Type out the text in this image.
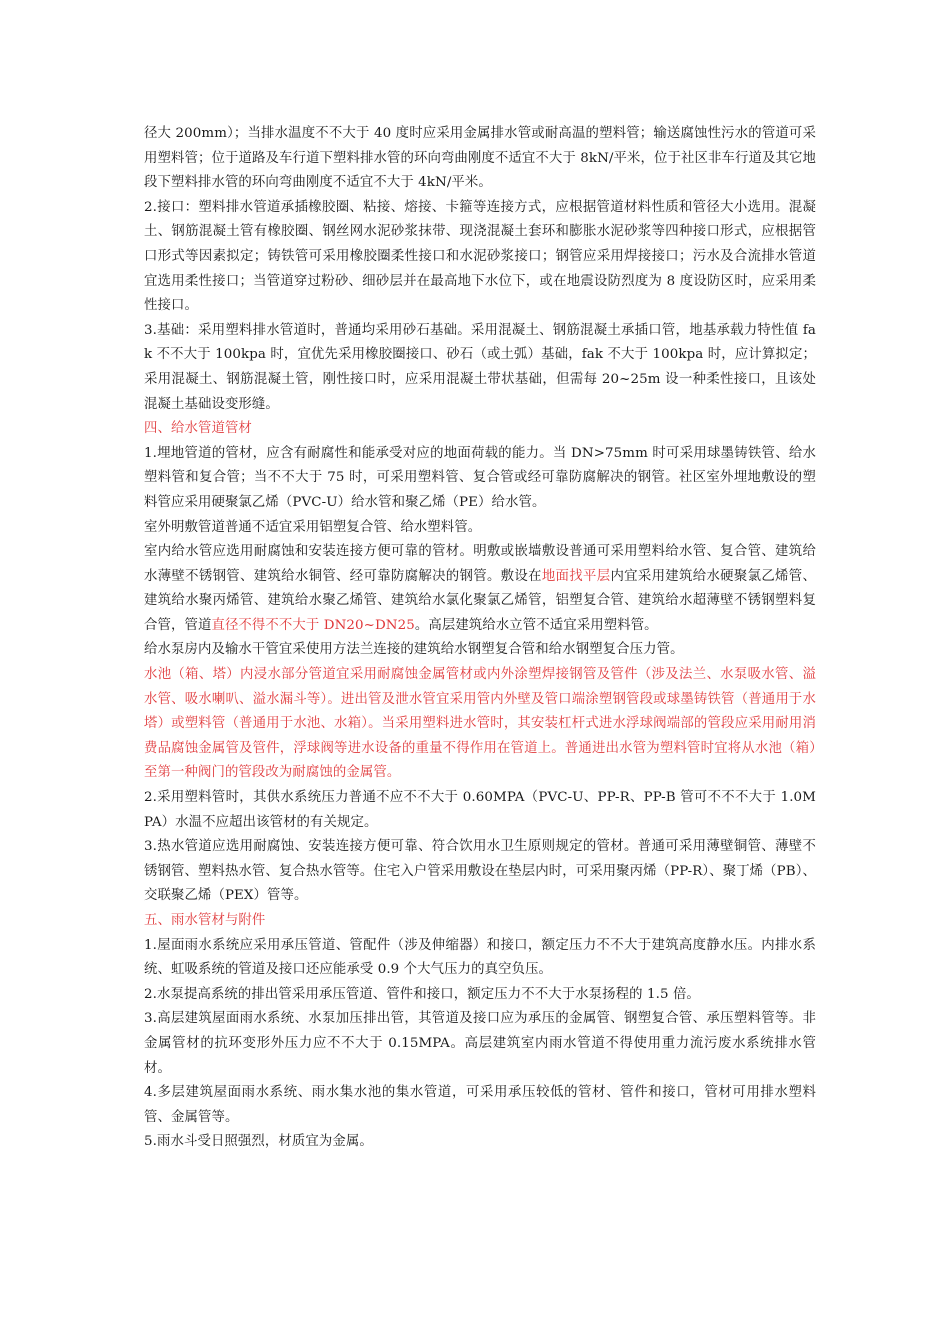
径大 200mm）；当排水温度不不大于 40 度时应采用金属排水管或耐高温的塑料管；输送腐蚀性污水的管道可采用塑料管；位于道路及车行道下塑料排水管的环向弯曲刚度不适宜不大于 8kN/平米，位于社区非车行道及其它地段下塑料排水管的环向弯曲刚度不适宜不大于 4kN/平米。

2.接口：塑料排水管道承插橡胶圈、粘接、熔接、卡箍等连接方式，应根据管道材料性质和管径大小选用。混凝土、钢筋混凝土管有橡胶圈、钢丝网水泥砂浆抹带、现浇混凝土套环和膨胀水泥砂浆等四种接口形式，应根据管口形式等因素拟定；铸铁管可采用橡胶圈柔性接口和水泥砂浆接口；钢管应采用焊接接口；污水及合流排水管道宜选用柔性接口；当管道穿过粉砂、细砂层并在最高地下水位下，或在地震设防烈度为 8 度设防区时，应采用柔性接口。

3.基础：采用塑料排水管道时，普通均采用砂石基础。采用混凝土、钢筋混凝土承插口管，地基承载力特性值 fak 不不大于 100kpa 时，宜优先采用橡胶圈接口、砂石（或土弧）基础，fak 不大于 100kpa 时，应计算拟定；采用混凝土、钢筋混凝土管，刚性接口时，应采用混凝土带状基础，但需每 20~25m 设一种柔性接口，且该处混凝土基础设变形缝。

四、给水管道管材

1.埋地管道的管材，应含有耐腐性和能承受对应的地面荷载的能力。当 DN>75mm 时可采用球墨铸铁管、给水塑料管和复合管；当不不大于 75 时，可采用塑料管、复合管或经可靠防腐解决的钢管。社区室外埋地敷设的塑料管应采用硬聚氯乙烯（PVC-U）给水管和聚乙烯（PE）给水管。

室外明敷管道普通不适宜采用铝塑复合管、给水塑料管。

室内给水管应选用耐腐蚀和安装连接方便可靠的管材。明敷或嵌墙敷设普通可采用塑料给水管、复合管、建筑给水薄壁不锈钢管、建筑给水铜管、经可靠防腐解决的钢管。敷设在地面找平层内宜采用建筑给水硬聚氯乙烯管、建筑给水聚丙烯管、建筑给水聚乙烯管、建筑给水氯化聚氯乙烯管，铝塑复合管、建筑给水超薄壁不锈钢塑料复合管，管道直径不得不不大于 DN20~DN25。高层建筑给水立管不适宜采用塑料管。

给水泵房内及输水干管宜采使用方法兰连接的建筑给水钢塑复合管和给水钢塑复合压力管。

水池（箱、塔）内浸水部分管道宜采用耐腐蚀金属管材或内外涂塑焊接钢管及管件（涉及法兰、水泵吸水管、溢水管、吸水喇叭、溢水漏斗等）。进出管及泄水管宜采用管内外壁及管口端涂塑钢管段或球墨铸铁管（普通用于水塔）或塑料管（普通用于水池、水箱）。当采用塑料进水管时，其安装杠杆式进水浮球阀端部的管段应采用耐用消费品腐蚀金属管及管件，浮球阀等进水设备的重量不得作用在管道上。普通进出水管为塑料管时宜将从水池（箱）至第一种阀门的管段改为耐腐蚀的金属管。

2.采用塑料管时，其供水系统压力普通不应不不大于 0.60MPA（PVC-U、PP-R、PP-B 管可不不不大于 1.0MPA）水温不应超出该管材的有关规定。

3.热水管道应选用耐腐蚀、安装连接方便可靠、符合饮用水卫生原则规定的管材。普通可采用薄壁铜管、薄壁不锈钢管、塑料热水管、复合热水管等。住宅入户管采用敷设在垫层内时，可采用聚丙烯（PP-R）、聚丁烯（PB）、交联聚乙烯（PEX）管等。

五、雨水管材与附件

1.屋面雨水系统应采用承压管道、管配件（涉及伸缩器）和接口，额定压力不不大于建筑高度静水压。内排水系统、虹吸系统的管道及接口还应能承受 0.9 个大气压力的真空负压。

2.水泵提高系统的排出管采用承压管道、管件和接口，额定压力不不大于水泵扬程的 1.5 倍。

3.高层建筑屋面雨水系统、水泵加压排出管，其管道及接口应为承压的金属管、钢塑复合管、承压塑料管等。非金属管材的抗环变形外压力应不不大于 0.15MPA。高层建筑室内雨水管道不得使用重力流污废水系统排水管材。

4.多层建筑屋面雨水系统、雨水集水池的集水管道，可采用承压较低的管材、管件和接口，管材可用排水塑料管、金属管等。

5.雨水斗受日照强烈，材质宜为金属。
